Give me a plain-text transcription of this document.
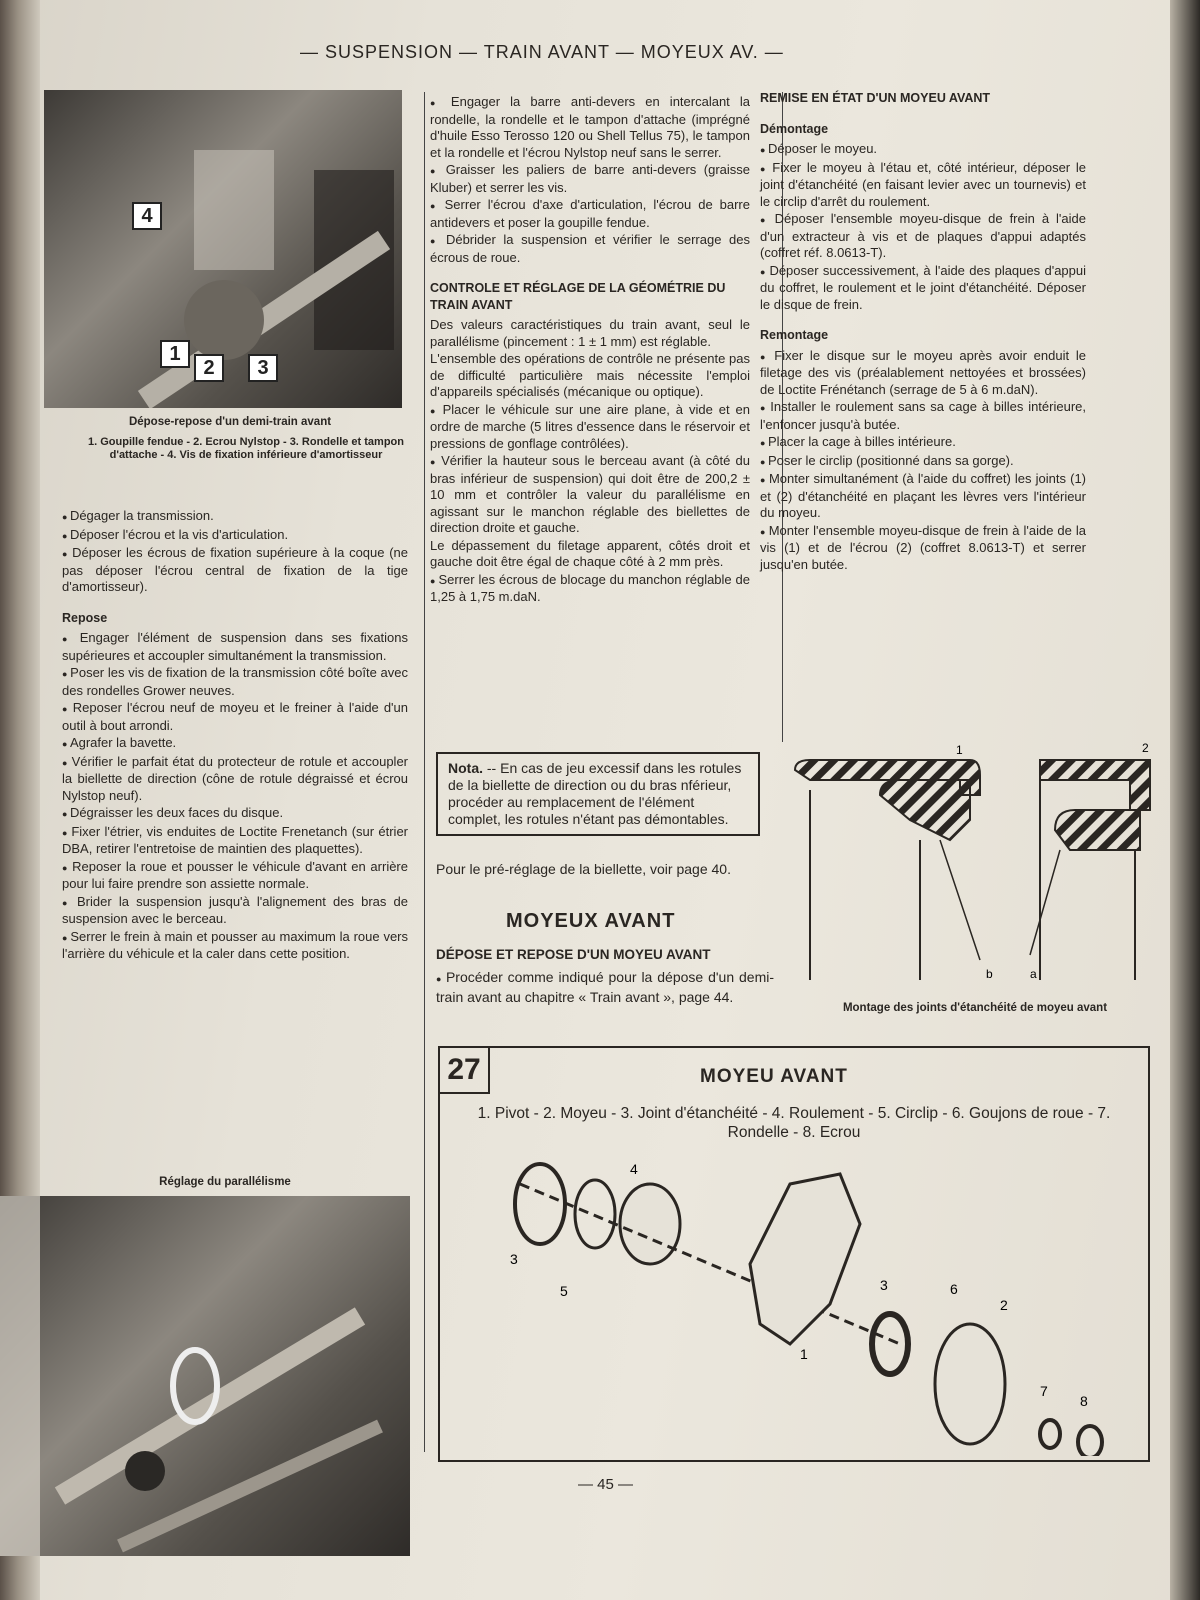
— SUSPENSION — TRAIN AVANT — MOYEUX AV. —
4
1
2	3
Dépose-repose d'un demi-train avant
1. Goupille fendue - 2. Ecrou Nylstop - 3. Rondelle et tampon d'attache - 4. Vis de fixation inférieure d'amortisseur

● Dégager la transmission.

● Déposer l'écrou et la vis d'articulation.

● Déposer les écrous de fixation supérieure à la coque (ne pas déposer l'écrou central de fixation de la tige d'amortisseur).

Repose

● Engager l'élément de suspension dans ses fixations supérieures et accoupler simultanément la transmission.

● Poser les vis de fixation de la transmission côté boîte avec des rondelles Grower neuves.

● Reposer l'écrou neuf de moyeu et le freiner à l'aide d'un outil à bout arrondi.

● Agrafer la bavette.

● Vérifier le parfait état du protecteur de rotule et accoupler la biellette de direction (cône de rotule dégraissé et écrou Nylstop neuf).

● Dégraisser les deux faces du disque.

● Fixer l'étrier, vis enduites de Loctite Frenetanch (sur étrier DBA, retirer l'entretoise de maintien des plaquettes).

● Reposer la roue et pousser le véhicule d'avant en arrière pour lui faire prendre son assiette normale.

● Brider la suspension jusqu'à l'alignement des bras de suspension avec le berceau.

● Serrer le frein à main et pousser au maximum la roue vers l'arrière du véhicule et la caler dans cette position.

Réglage du parallélisme

● Engager la barre anti-devers en intercalant la rondelle, la rondelle et le tampon d'attache (imprégné d'huile Esso Terosso 120 ou Shell Tellus 75), le tampon et la rondelle et l'écrou Nylstop neuf sans le serrer.

● Graisser les paliers de barre anti-devers (graisse Kluber) et serrer les vis.

● Serrer l'écrou d'axe d'articulation, l'écrou de barre antidevers et poser la goupille fendue.

● Débrider la suspension et vérifier le serrage des écrous de roue.

CONTROLE ET RÉGLAGE DE LA GÉOMÉTRIE DU TRAIN AVANT

Des valeurs caractéristiques du train avant, seul le parallélisme (pincement : 1 ± 1 mm) est réglable.

L'ensemble des opérations de contrôle ne présente pas de difficulté particulière mais nécessite l'emploi d'appareils spécialisés (mécanique ou optique).

● Placer le véhicule sur une aire plane, à vide et en ordre de marche (5 litres d'essence dans le réservoir et pressions de gonflage contrôlées).

● Vérifier la hauteur sous le berceau avant (à côté du bras inférieur de suspension) qui doit être de 200,2 ± 10 mm et contrôler la valeur du parallélisme en agissant sur le manchon réglable des biellettes de direction droite et gauche.

Le dépassement du filetage apparent, côtés droit et gauche doit être égal de chaque côté à 2 mm près.

● Serrer les écrous de blocage du manchon réglable de 1,25 à 1,75 m.daN.

Nota. -- En cas de jeu excessif dans les rotules de la biellette de direction ou du bras nférieur, procéder au remplacement de l'élément complet, les rotules n'étant pas démontables.

Pour le pré-réglage de la biellette, voir page 40.

MOYEUX AVANT
DÉPOSE ET REPOSE D'UN MOYEU AVANT

● Procéder comme indiqué pour la dépose d'un demi-train avant au chapitre « Train avant », page 44.

REMISE EN ÉTAT D'UN MOYEU AVANT
Démontage

● Déposer le moyeu.

● Fixer le moyeu à l'étau et, côté intérieur, déposer le joint d'étanchéité (en faisant levier avec un tournevis) et le circlip d'arrêt du roulement.

● Déposer l'ensemble moyeu-disque de frein à l'aide d'un extracteur à vis et de plaques d'appui adaptés (coffret réf. 8.0613-T).

● Déposer successivement, à l'aide des plaques d'appui du coffret, le roulement et le joint d'étanchéité. Déposer le disque de frein.

Remontage

● Fixer le disque sur le moyeu après avoir enduit le filetage des vis (préalablement nettoyées et brossées) de Loctite Frénétanch (serrage de 5 à 6 m.daN).

● Installer le roulement sans sa cage à billes intérieure, l'enfoncer jusqu'à butée.

● Placer la cage à billes intérieure.

● Poser le circlip (positionné dans sa gorge).

● Monter simultanément (à l'aide du coffret) les joints (1) et (2) d'étanchéité en plaçant les lèvres vers l'intérieur du moyeu.

● Monter l'ensemble moyeu-disque de frein à l'aide de la vis (1) et de l'écrou (2) (coffret 8.0613-T) et serrer jusqu'en butée.

1	2
b	a
Montage des joints d'étanchéité de moyeu avant
27	MOYEU AVANT
1. Pivot - 2. Moyeu - 3. Joint d'étanchéité - 4. Roulement - 5. Circlip - 6. Goujons de roue - 7. Rondelle - 8. Ecrou
3
5
4
1
3	6
2
7
8
— 45 —
